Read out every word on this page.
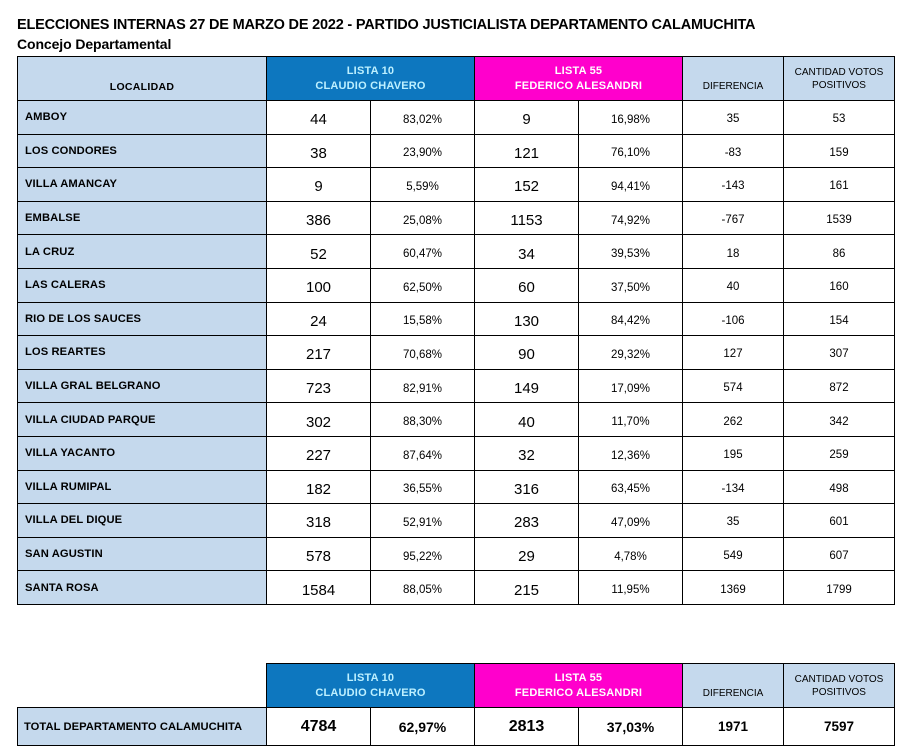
ELECCIONES INTERNAS 27 DE MARZO DE 2022 - PARTIDO JUSTICIALISTA DEPARTAMENTO CALAMUCHITA
Concejo Departamental
LOCALIDAD	LISTA 10
CLAUDIO CHAVERO		LISTA 55
FEDERICO ALESANDRI		DIFERENCIA	CANTIDAD VOTOS
POSITIVOS

AMBOY	44	83,02%	9	16,98%	35	53
LOS CONDORES	38	23,90%	121	76,10%	-83	159
VILLA AMANCAY	9	5,59%	152	94,41%	-143	161
EMBALSE	386	25,08%	1153	74,92%	-767	1539
LA CRUZ	52	60,47%	34	39,53%	18	86
LAS CALERAS	100	62,50%	60	37,50%	40	160
RIO DE LOS SAUCES	24	15,58%	130	84,42%	-106	154
LOS REARTES	217	70,68%	90	29,32%	127	307
VILLA GRAL BELGRANO	723	82,91%	149	17,09%	574	872
VILLA CIUDAD PARQUE	302	88,30%	40	11,70%	262	342
VILLA YACANTO	227	87,64%	32	12,36%	195	259
VILLA RUMIPAL	182	36,55%	316	63,45%	-134	498
VILLA DEL DIQUE	318	52,91%	283	47,09%	35	601
SAN AGUSTIN	578	95,22%	29	4,78%	549	607
SANTA ROSA	1584	88,05%	215	11,95%	1369	1799

	LISTA 10
CLAUDIO CHAVERO		LISTA 55
FEDERICO ALESANDRI		DIFERENCIA	CANTIDAD VOTOS
POSITIVOS

TOTAL DEPARTAMENTO CALAMUCHITA	4784	62,97%	2813	37,03%	1971	7597
